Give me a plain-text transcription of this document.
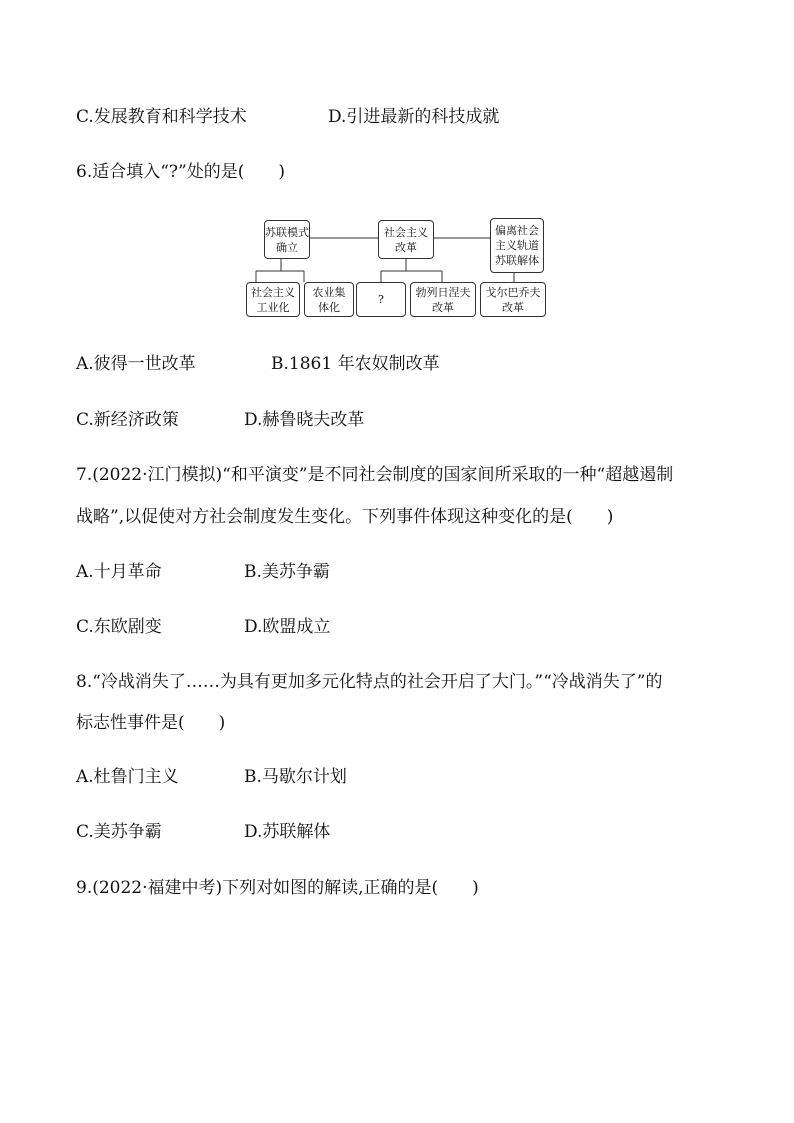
C.发展教育和科学技术	D.引进最新的科技成就
6.适合填入“?”处的是(　　)
苏联模式
确立
社会主义
改革
偏离社会
主义轨道
苏联解体
社会主义
工业化
农业集
体化
?
勃列日涅夫
改革
戈尔巴乔夫
改革
A.彼得一世改革	B.1861 年农奴制改革
C.新经济政策	D.赫鲁晓夫改革
7.(2022·江门模拟)“和平演变”是不同社会制度的国家间所采取的一种“超越遏制
战略”,以促使对方社会制度发生变化。下列事件体现这种变化的是(　　)
A.十月革命	B.美苏争霸
C.东欧剧变	D.欧盟成立
8.“冷战消失了……为具有更加多元化特点的社会开启了大门。”“冷战消失了”的
标志性事件是(　　)
A.杜鲁门主义	B.马歇尔计划
C.美苏争霸	D.苏联解体
9.(2022·福建中考)下列对如图的解读,正确的是(　　)
